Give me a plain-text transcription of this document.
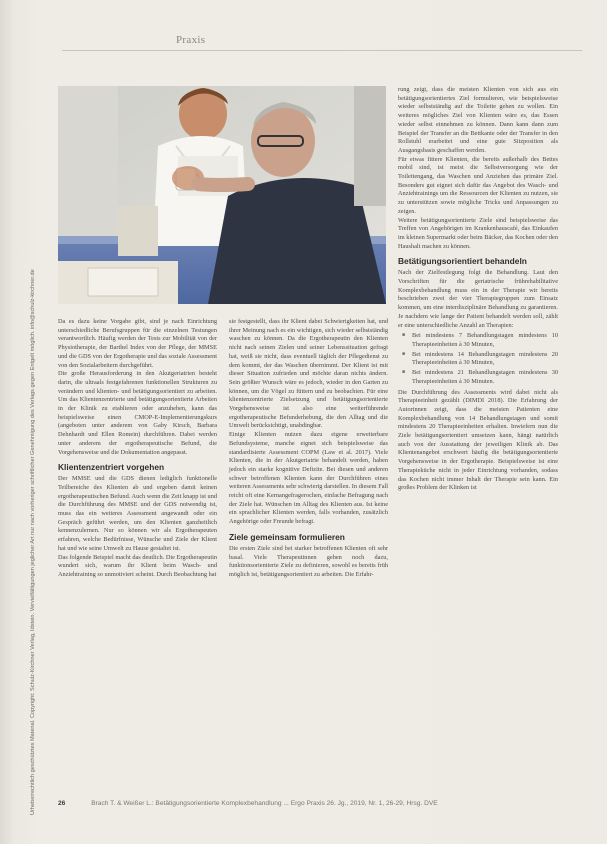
Praxis
Urheberrechtlich geschütztes Material. Copyright: Schulz-Kirchner Verlag, Idstein. Vervielfältigungen jeglicher Art nur nach vorheriger schriftlicher Genehmigung des Verlags gegen Entgelt möglich. info@schulz-kirchner.de	Da es dazu keine Vorgabe gibt, sind je nach Einrichtung unterschiedliche Berufsgruppen für die einzelnen Testungen verantwortlich. Häufig werden der Tests zur Mobilität von der Physiotherapie, der Barthel Index von der Pflege, der MMSE und die GDS von der Ergotherapie und das soziale Assessment von den Sozialarbeitern durchgeführt.

Die große Herausforderung in den Akutgeriatrien besteht darin, die ultraals festgefahrenen funktionellen Strukturen zu verändern und klienten- und betätigungsorientiert zu arbeiten. Um das Klientenzentrierte und betätigungsorientierte Arbeiten in der Klinik zu etablieren oder anzuheben, kann das beispielsweise einen CMOP-E-Implementierungskurs (angeboten unter anderem von Gaby Kirsch, Barbara Dehnhardt und Ellen Romein) durchführen. Dabei werden unter anderem der ergotherapeutische Befund, die Vorgehensweise und die Dokumentation angepasst.

Klientenzentriert vorgehen

Der MMSE und die GDS dienen lediglich funktionelle Teilbereiche des Klienten ab und ergeben damit keinen ergotherapeutischen Befund. Auch wenn die Zeit knapp ist und die Durchführung des MMSE und der GDS notwendig ist, muss das ein weiteres Assessment angewandt oder ein Gespräch geführt werden, um den Klienten ganzheitlich kennenzulernen. Nur so können wir als Ergotherapeuten erfahren, welche Bedürfnisse, Wünsche und Ziele der Klient hat und wie seine Umwelt zu Hause gestaltet ist.

Das folgende Beispiel macht das deutlich. Die Ergotherapeutin wundert sich, warum ihr Klient beim Wasch- und Anziehtraining so unmotiviert scheint. Durch Beobachtung hat

sie festgestellt, dass ihr Klient dabei Schwierigkeiten hat, und ihrer Meinung nach es ein wichtigen, sich wieder selbstständig waschen zu können. Da die Ergotherapeutin den Klienten nicht nach seinen Zielen und seiner Lebenssituation gefragt hat, weiß sie nicht, dass eventuell täglich der Pflegedienst zu dem kommt, der das Waschen übernimmt. Der Klient ist mit dieser Situation zufrieden und möchte daran nichts ändern. Sein größter Wunsch wäre es jedoch, wieder in den Garten zu können, um die Vögel zu füttern und zu beobachten. Für eine klientenzentrierte Zielsetzung und betätigungsorientierte Vorgehensweise ist also eine weiterführende ergotherapeutische Befunderhebung, die den Alltag und die Umwelt berücksichtigt, unabdingbar.

Einige Klienten nutzen dazu eigene erweiterbare Befundsysteme, manche eignet sich beispielsweise das standardisierte Assessment COPM (Law et al. 2017). Viele Klienten, die in der Akutgeriatrie behandelt werden, haben jedoch ein starke kognitive Defizite. Bei diesen und anderen schwer betroffenen Klienten kann der Durchführen eines weiteren Assessments sehr schwierig darstellen. In diesem Fall reicht oft eine Kernangefragerochen, einfache Befragung nach der Ziele hat. Wünschen im Alltag des Klienten aus. Ist keine ein sprachlicher Klienten werden, falls vorhanden, zusätzlich Angehörige oder Freunde befragt.

Ziele gemeinsam formulieren

Die ersten Ziele sind bei starker betroffenen Klienten oft sehr basal. Viele Therapeutinnen gehen noch dazu, funktionsorientierte Ziele zu definieren, sowohl es bereits früh möglich ist, betätigungsorientiert zu arbeiten. Die Erfahr-

rung zeigt, dass die meisten Klienten von sich aus ein betätigungsorientiertes Ziel formulieren, wie beispielsweise wieder selbstständig auf die Toilette gehen zu wollen. Ein weiteres mögliches Ziel von Klienten wäre es, das Essen wieder selbst einnehmen zu können. Dann kann dann zum Beispiel der Transfer an die Bettkante oder der Transfer in den Rollstuhl erarbeitet und eine gute Sitzposition als Ausgangsbasis geschaffen werden.

Für etwas fittere Klienten, die bereits außerhalb des Bettes mobil sind, ist meist die Selbstversorgung wie der Toilettengang, das Waschen und Anziehen das primäre Ziel. Besonders gut eignet sich dafür das Angebot des Wasch- und Anziehtrainings um die Ressourcen der Klienten zu nutzen, sie zu unterstützen sowie mögliche Tricks und Anpassungen zu zeigen.

Weitere betätigungsorientierte Ziele sind beispielsweise das Treffen von Angehörigen im Krankenhauscafé, das Einkaufen im kleinen Supermarkt oder beim Bäcker, das Kochen oder den Haushalt machen zu können.

Betätigungsorientiert behandeln

Nach der Zielfestlegung folgt die Behandlung. Laut den Vorschriften für die geriatrische frührehabilitative Komplexbehandlung muss ein in der Therapie wir bereits beschrieben zwei der vier Therapiegruppen zum Einsatz kommen, um eine interdisziplinäre Behandlung zu garantieren. Je nachdem wie lange der Patient behandelt werden soll, zählt er eine unterschiedliche Anzahl an Therapien:

■ Bei mindestens 7 Behandlungstagen mindestens 10 Therapieeinheiten à 30 Minuten,
■ Bei mindestens 14 Behandlungstagen mindestens 20 Therapieeinheiten à 30 Minuten,
■ Bei mindestens 21 Behandlungstagen mindestens 30 Therapieeinheiten à 30 Minuten.

Die Durchführung des Assessments wird dabei nicht als Therapieeinheit gezählt (DIMDI 2018). Die Erfahrung der Autorinnen zeigt, dass die meisten Patienten eine Komplexbehandlung von 14 Behandlungstagen und somit mindestens 20 Therapieeinheiten erhalten. Inwiefern nun die Ziele betätigungsorientiert umsetzen kann, hängt natürlich auch von der Ausstattung der jeweiligen Klinik ab. Das Klientenangebot erschwert häufig die betätigungsorientierte Vorgehensweise in der Ergotherapie. Beispielsweise ist eine Therapieküche nicht in jeder Einrichtung vorhanden, sodass das Kochen nicht immer Inhalt der Therapie sein kann. Ein großes Problem der Klinken ist

26	Brach T. & Weißer L.: Betätigungsorientierte Komplexbehandlung ... Ergo Praxis 26. Jg., 2019, Nr. 1, 26-29, Hrsg. DVE
